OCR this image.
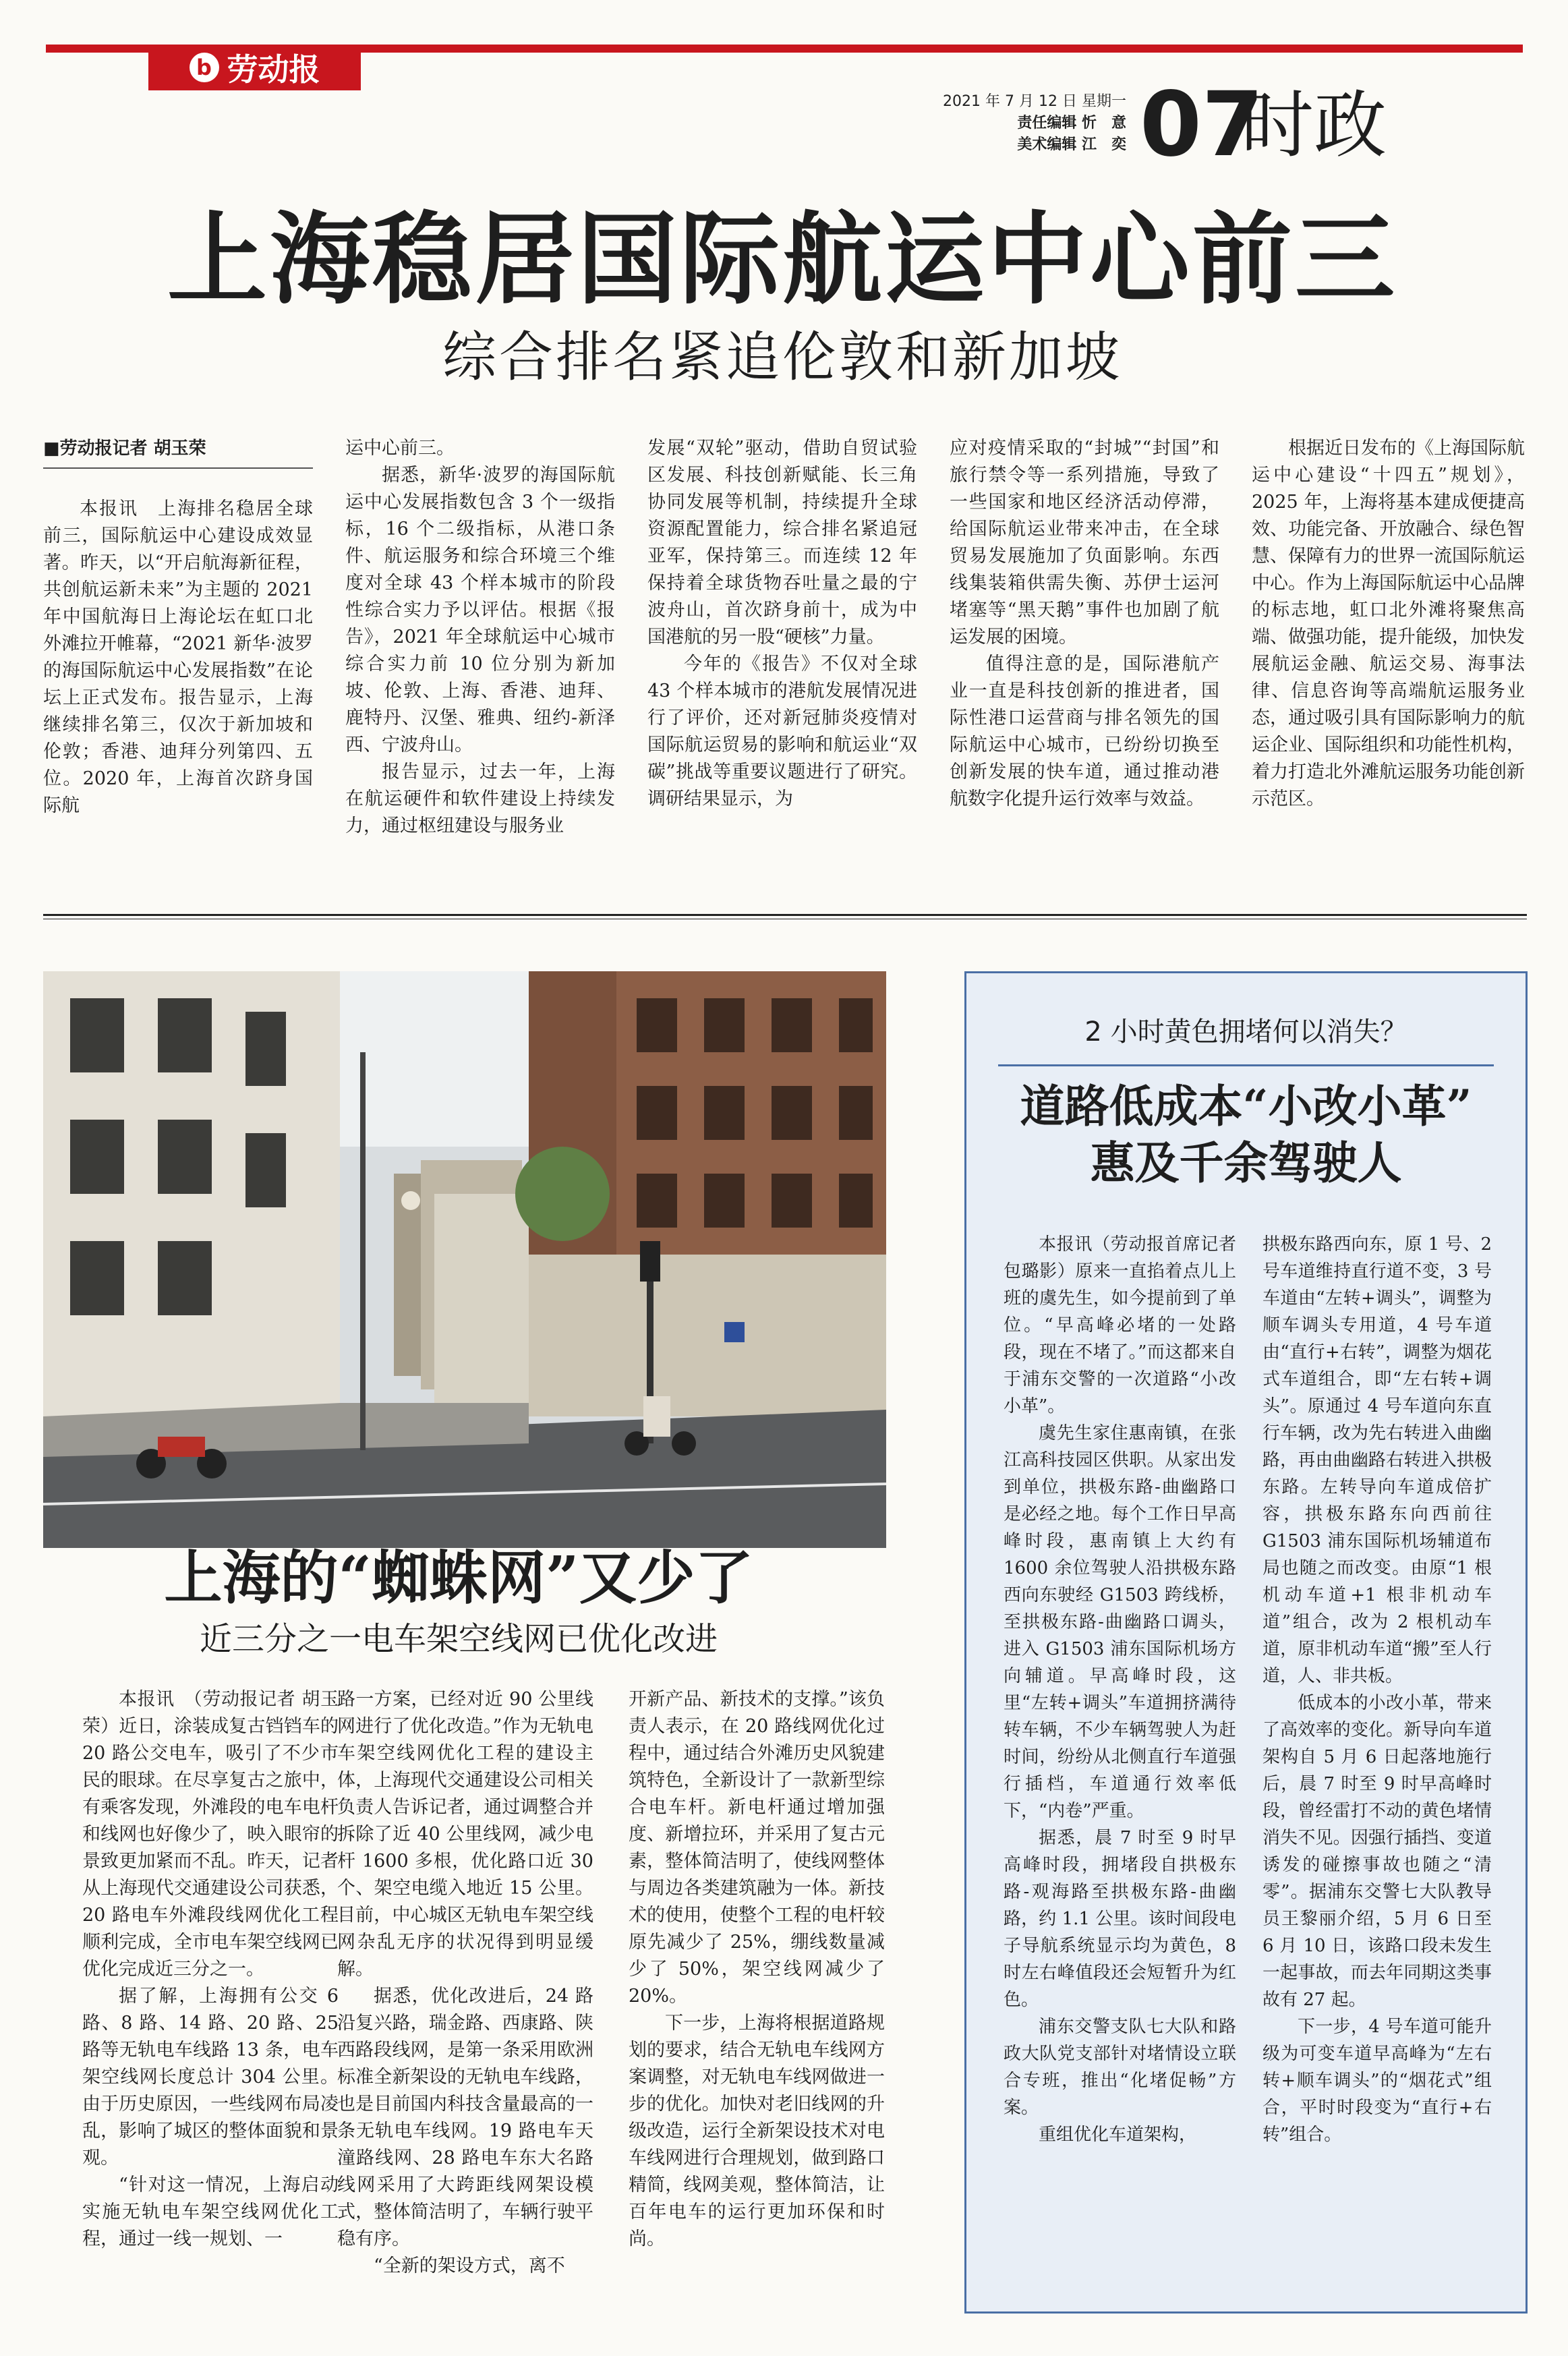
b 劳动报
2021 年 7 月 12 日 星期一
责任编辑 忻　意
美术编辑 江　奕 07
时政
上海稳居国际航运中心前三
综合排名紧追伦敦和新加坡

■劳动报记者 胡玉荣

本报讯　上海排名稳居全球前三，国际航运中心建设成效显著。昨天，以“开启航海新征程，共创航运新未来”为主题的 2021 年中国航海日上海论坛在虹口北外滩拉开帷幕，“2021 新华·波罗的海国际航运中心发展指数”在论坛上正式发布。报告显示，上海继续排名第三，仅次于新加坡和伦敦；香港、迪拜分列第四、五位。2020 年，上海首次跻身国际航

运中心前三。

据悉，新华·波罗的海国际航运中心发展指数包含 3 个一级指标，16 个二级指标，从港口条件、航运服务和综合环境三个维度对全球 43 个样本城市的阶段性综合实力予以评估。根据《报告》，2021 年全球航运中心城市综合实力前 10 位分别为新加坡、伦敦、上海、香港、迪拜、鹿特丹、汉堡、雅典、纽约-新泽西、宁波舟山。

报告显示，过去一年，上海在航运硬件和软件建设上持续发力，通过枢纽建设与服务业

发展“双轮”驱动，借助自贸试验区发展、科技创新赋能、长三角协同发展等机制，持续提升全球资源配置能力，综合排名紧追冠亚军，保持第三。而连续 12 年保持着全球货物吞吐量之最的宁波舟山，首次跻身前十，成为中国港航的另一股“硬核”力量。

今年的《报告》不仅对全球 43 个样本城市的港航发展情况进行了评价，还对新冠肺炎疫情对国际航运贸易的影响和航运业“双碳”挑战等重要议题进行了研究。调研结果显示，为

应对疫情采取的“封城”“封国”和旅行禁令等一系列措施，导致了一些国家和地区经济活动停滞，给国际航运业带来冲击，在全球贸易发展施加了负面影响。东西线集装箱供需失衡、苏伊士运河堵塞等“黑天鹅”事件也加剧了航运发展的困境。

值得注意的是，国际港航产业一直是科技创新的推进者，国际性港口运营商与排名领先的国际航运中心城市，已纷纷切换至创新发展的快车道，通过推动港航数字化提升运行效率与效益。

根据近日发布的《上海国际航运中心建设“十四五”规划》，2025 年，上海将基本建成便捷高效、功能完备、开放融合、绿色智慧、保障有力的世界一流国际航运中心。作为上海国际航运中心品牌的标志地，虹口北外滩将聚焦高端、做强功能，提升能级，加快发展航运金融、航运交易、海事法律、信息咨询等高端航运服务业态，通过吸引具有国际影响力的航运企业、国际组织和功能性机构，着力打造北外滩航运服务功能创新示范区。

上海的“蜘蛛网”又少了
近三分之一电车架空线网已优化改进

本报讯　（劳动报记者 胡玉荣）近日，涂装成复古铛铛车的 20 路公交电车，吸引了不少市民的眼球。在尽享复古之旅中，有乘客发现，外滩段的电车电杆和线网也好像少了，映入眼帘的景致更加紧而不乱。昨天，记者从上海现代交通建设公司获悉，20 路电车外滩段线网优化工程顺利完成，全市电车架空线网已优化完成近三分之一。

据了解，上海拥有公交 6 路、8 路、14 路、20 路、25 路等无轨电车线路 13 条，电车架空线网长度总计 304 公里。由于历史原因，一些线网布局凌乱，影响了城区的整体面貌和景观。

“针对这一情况，上海启动实施无轨电车架空线网优化工程，通过一线一规划、一

路一方案，已经对近 90 公里线网进行了优化改造。”作为无轨电车架空线网优化工程的建设主体，上海现代交通建设公司相关负责人告诉记者，通过调整合并拆除了近 40 公里线网，减少电杆 1600 多根，优化路口近 30 个、架空电缆入地近 15 公里。目前，中心城区无轨电车架空线网杂乱无序的状况得到明显缓解。

据悉，优化改进后，24 路沿复兴路，瑞金路、西康路、陕西路段线网，是第一条采用欧洲标准全新架设的无轨电车线路，也是目前国内科技含量最高的一条无轨电车线网。19 路电车天潼路线网、28 路电车东大名路线网采用了大跨距线网架设模式，整体简洁明了，车辆行驶平稳有序。

“全新的架设方式，离不

开新产品、新技术的支撑。”该负责人表示，在 20 路线网优化过程中，通过结合外滩历史风貌建筑特色，全新设计了一款新型综合电车杆。新电杆通过增加强度、新增拉环，并采用了复古元素，整体简洁明了，使线网整体与周边各类建筑融为一体。新技术的使用，使整个工程的电杆较原先减少了 25%，绷线数量减少了 50%，架空线网减少了 20%。

下一步，上海将根据道路规划的要求，结合无轨电车线网方案调整，对无轨电车线网做进一步的优化。加快对老旧线网的升级改造，运行全新架设技术对电车线网进行合理规划，做到路口精简，线网美观，整体简洁，让百年电车的运行更加环保和时尚。

2 小时黄色拥堵何以消失？
道路低成本“小改小革”
惠及千余驾驶人

本报讯（劳动报首席记者 包璐影）原来一直掐着点儿上班的虞先生，如今提前到了单位。“早高峰必堵的一处路段，现在不堵了。”而这都来自于浦东交警的一次道路“小改小革”。

虞先生家住惠南镇，在张江高科技园区供职。从家出发到单位，拱极东路-曲幽路口是必经之地。每个工作日早高峰时段，惠南镇上大约有 1600 余位驾驶人沿拱极东路西向东驶经 G1503 跨线桥，至拱极东路-曲幽路口调头，进入 G1503 浦东国际机场方向辅道。早高峰时段，这里“左转+调头”车道拥挤满待转车辆，不少车辆驾驶人为赶时间，纷纷从北侧直行车道强行插档，车道通行效率低下，“内卷”严重。

据悉，晨 7 时至 9 时早高峰时段，拥堵段自拱极东路-观海路至拱极东路-曲幽路，约 1.1 公里。该时间段电子导航系统显示均为黄色，8 时左右峰值段还会短暂升为红色。

浦东交警支队七大队和路政大队党支部针对堵情设立联合专班，推出“化堵促畅”方案。

重组优化车道架构，

拱极东路西向东，原 1 号、2 号车道维持直行道不变，3 号车道由“左转+调头”，调整为顺车调头专用道，4 号车道由“直行+右转”，调整为烟花式车道组合，即“左右转+调头”。原通过 4 号车道向东直行车辆，改为先右转进入曲幽路，再由曲幽路右转进入拱极东路。左转导向车道成倍扩容，拱极东路东向西前往 G1503 浦东国际机场辅道布局也随之而改变。由原“1 根机动车道+1 根非机动车道”组合，改为 2 根机动车道，原非机动车道“搬”至人行道，人、非共板。

低成本的小改小革，带来了高效率的变化。新导向车道架构自 5 月 6 日起落地施行后，晨 7 时至 9 时早高峰时段，曾经雷打不动的黄色堵情消失不见。因强行插挡、变道诱发的碰擦事故也随之“清零”。据浦东交警七大队教导员王黎丽介绍，5 月 6 日至 6 月 10 日，该路口段未发生一起事故，而去年同期这类事故有 27 起。

下一步，4 号车道可能升级为可变车道早高峰为“左右转+顺车调头”的“烟花式”组合，平时时段变为“直行+右转”组合。
